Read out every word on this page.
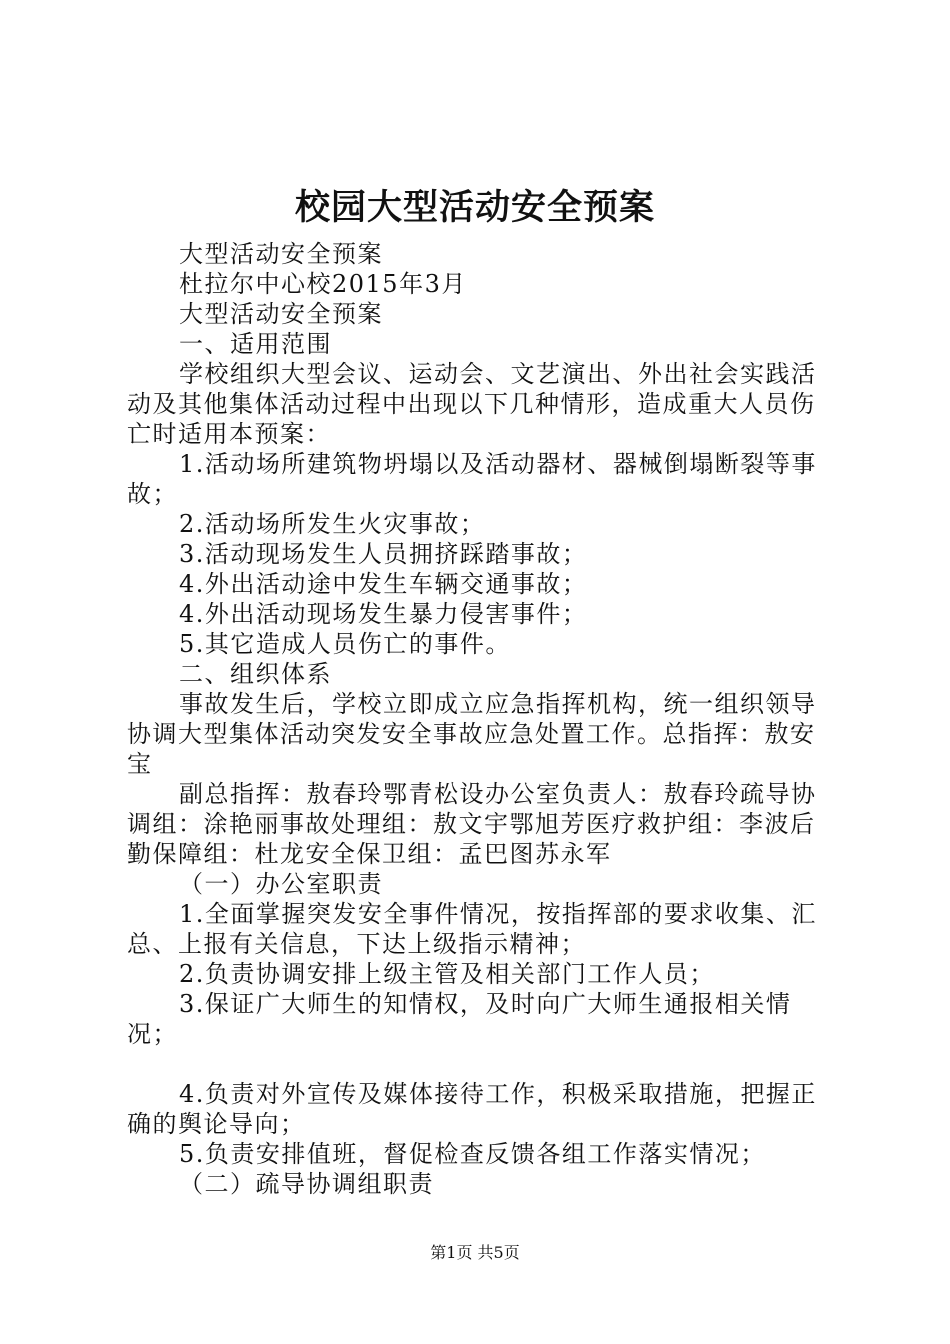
校园大型活动安全预案

大型活动安全预案

杜拉尔中心校2015年3月

大型活动安全预案

一、适用范围

学校组织大型会议、运动会、文艺演出、外出社会实践活动及其他集体活动过程中出现以下几种情形，造成重大人员伤亡时适用本预案：

1.活动场所建筑物坍塌以及活动器材、器械倒塌断裂等事故；

2.活动场所发生火灾事故；

3.活动现场发生人员拥挤踩踏事故；

4.外出活动途中发生车辆交通事故；

4.外出活动现场发生暴力侵害事件；

5.其它造成人员伤亡的事件。

二、组织体系

事故发生后，学校立即成立应急指挥机构，统一组织领导协调大型集体活动突发安全事故应急处置工作。总指挥：敖安宝

副总指挥：敖春玲鄂青松设办公室负责人：敖春玲疏导协调组：涂艳丽事故处理组：敖文宇鄂旭芳医疗救护组：李波后勤保障组：杜龙安全保卫组：孟巴图苏永军

（一）办公室职责

1.全面掌握突发安全事件情况，按指挥部的要求收集、汇总、上报有关信息，下达上级指示精神；

2.负责协调安排上级主管及相关部门工作人员；

3.保证广大师生的知情权，及时向广大师生通报相关情况；

4.负责对外宣传及媒体接待工作，积极采取措施，把握正确的舆论导向；

5.负责安排值班，督促检查反馈各组工作落实情况；

（二）疏导协调组职责

第1页 共5页
